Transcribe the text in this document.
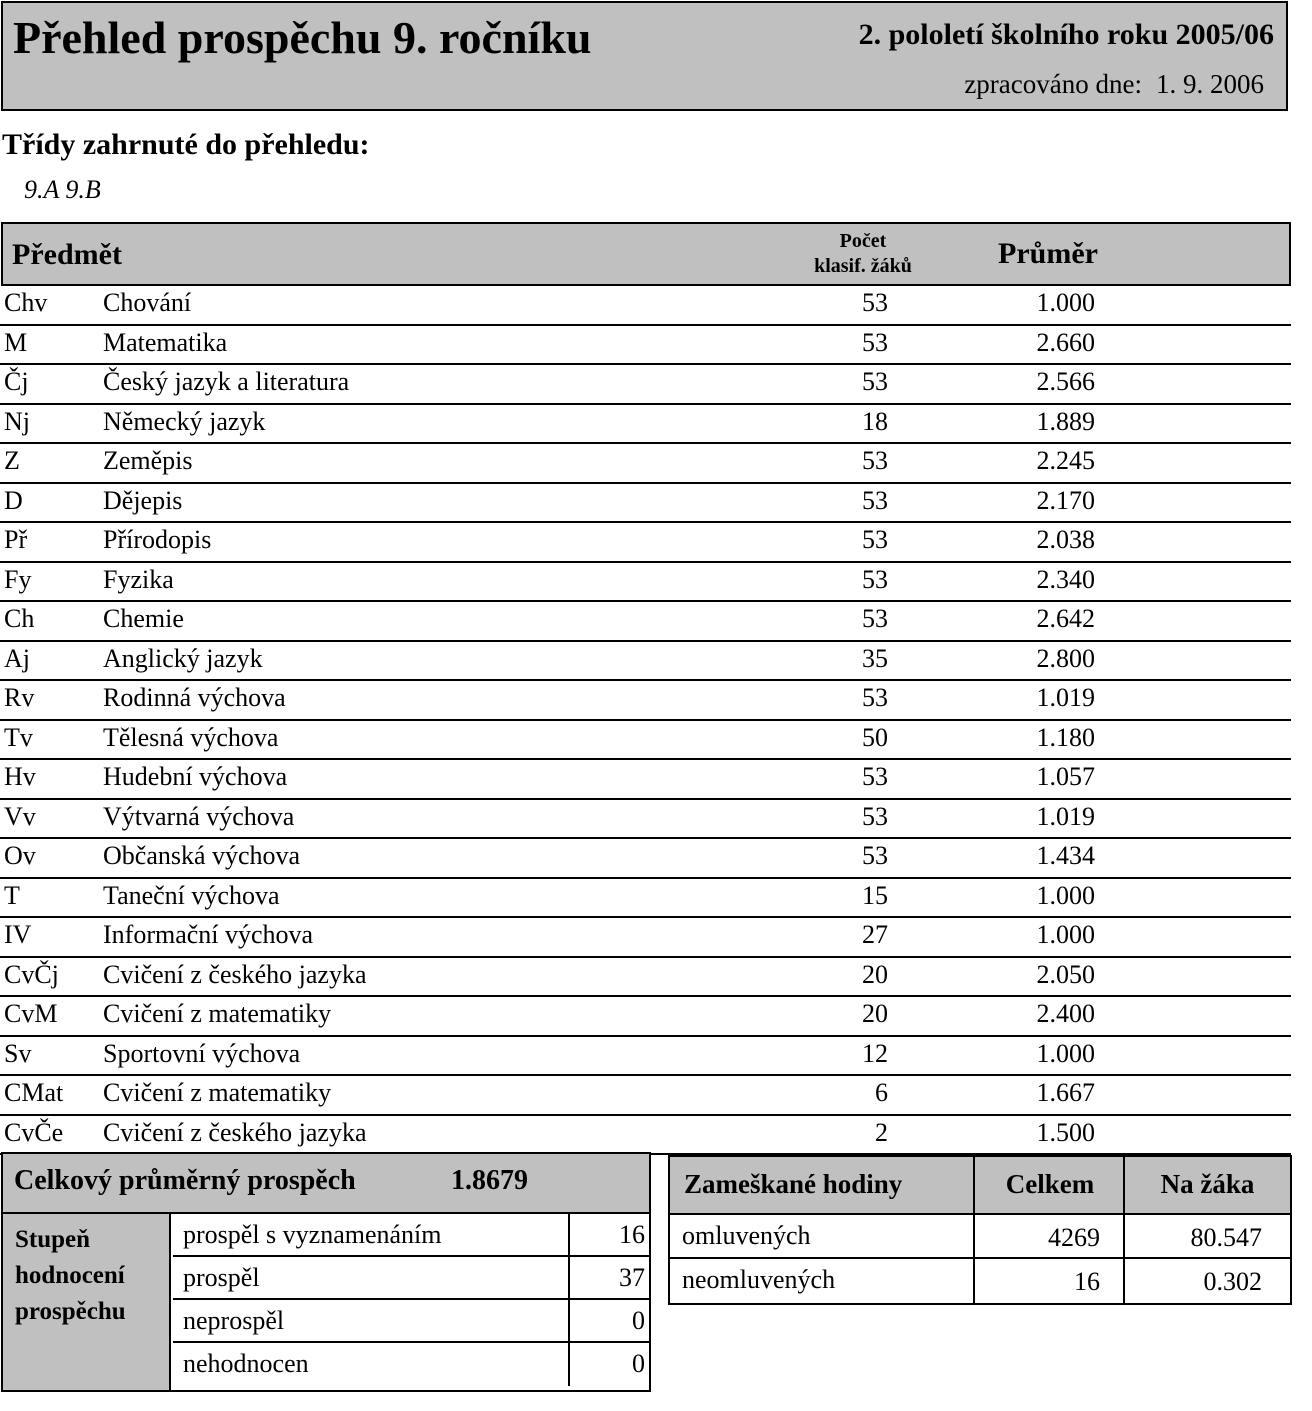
Přehled prospěchu 9. ročníku	2. pololetí školního roku 2005/06
zpracováno dne: 1. 9. 2006
Třídy zahrnuté do přehledu:
9.A 9.B
Předmět	Počet
klasif. žáků	Průměr
Chv Chování	53	1.000
M	Matematika	53	2.660
Čj	Český jazyk a literatura	53	2.566
Nj	Německý jazyk	18	1.889
Z	Zeměpis	53	2.245
D	Dějepis	53	2.170
Př	Přírodopis	53	2.038
Fy	Fyzika	53	2.340
Ch	Chemie	53	2.642
Aj	Anglický jazyk	35	2.800
Rv	Rodinná výchova	53	1.019
Tv	Tělesná výchova	50	1.180
Hv	Hudební výchova	53	1.057
Vv	Výtvarná výchova	53	1.019
Ov	Občanská výchova	53	1.434
T	Taneční výchova	15	1.000
IV	Informační výchova	27	1.000
CvČj Cvičení z českého jazyka	20	2.050
CvM Cvičení z matematiky	20	2.400
Sv	Sportovní výchova	12	1.000
CMat Cvičení z matematiky	6	1.667
CvČe Cvičení z českého jazyka	2	1.500
Celkový průměrný prospěch	1.8679
Stupeň
hodnocení
prospěchu
prospěl s vyznamenáním	16
prospěl	37
neprospěl	0
nehodnocen	0
Zameškané hodiny	Celkem	Na žáka
omluvených	4269	80.547
neomluvených	16	0.302
